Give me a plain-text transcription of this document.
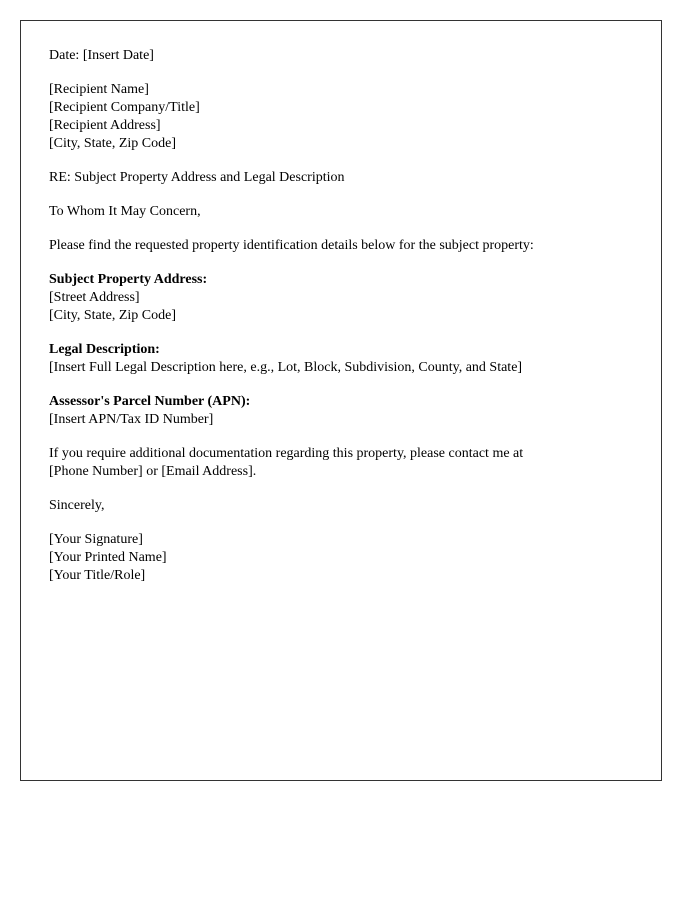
Date: [Insert Date]
[Recipient Name]
[Recipient Company/Title]
[Recipient Address]
[City, State, Zip Code]
RE: Subject Property Address and Legal Description
To Whom It May Concern,
Please find the requested property identification details below for the subject property:
Subject Property Address:
[Street Address]
[City, State, Zip Code]
Legal Description:
[Insert Full Legal Description here, e.g., Lot, Block, Subdivision, County, and State]
Assessor's Parcel Number (APN):
[Insert APN/Tax ID Number]
If you require additional documentation regarding this property, please contact me at
[Phone Number] or [Email Address].
Sincerely,
[Your Signature]
[Your Printed Name]
[Your Title/Role]
